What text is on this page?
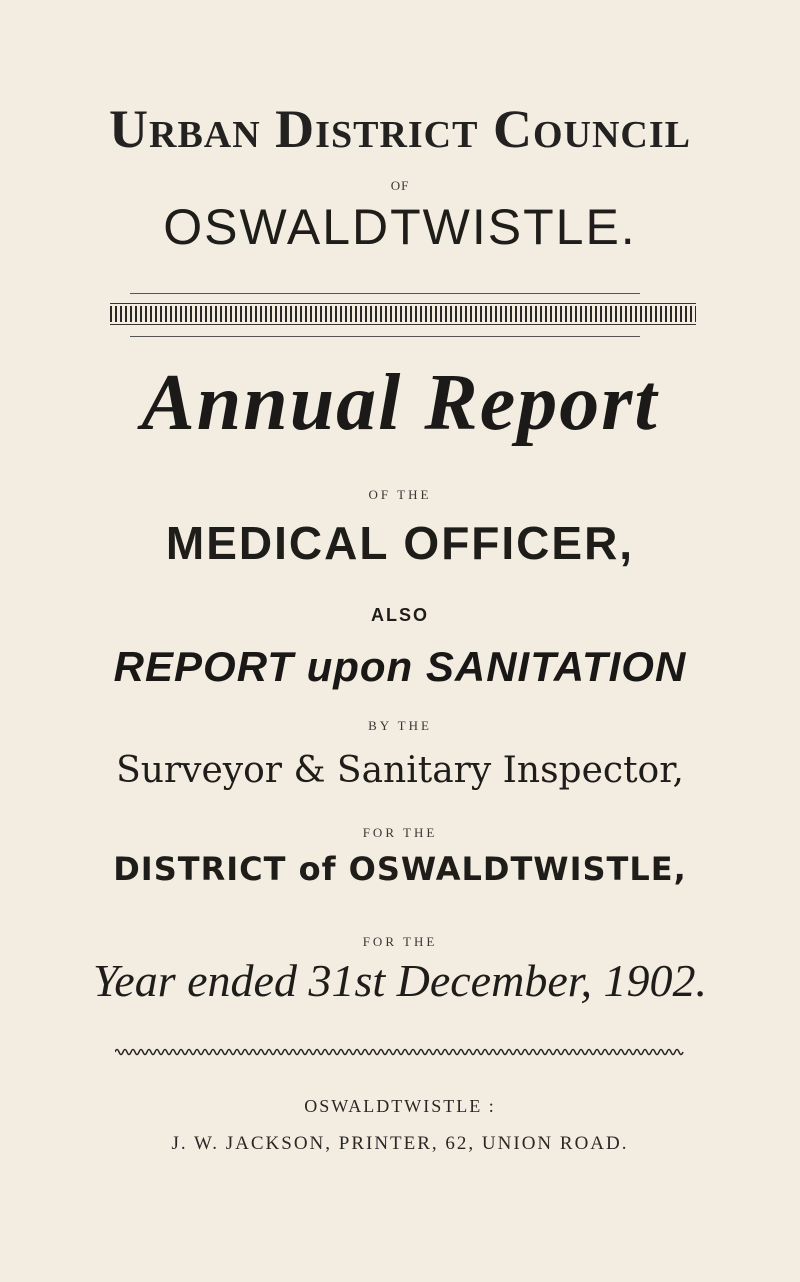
Urban District Council
OF
OSWALDTWISTLE.
Annual Report
OF THE
MEDICAL OFFICER,
ALSO
REPORT upon SANITATION
BY THE
Surveyor & Sanitary Inspector,
FOR THE
DISTRICT of OSWALDTWISTLE,
FOR THE
Year ended 31st December, 1902.
OSWALDTWISTLE :
J. W. JACKSON, PRINTER, 62, UNION ROAD.
